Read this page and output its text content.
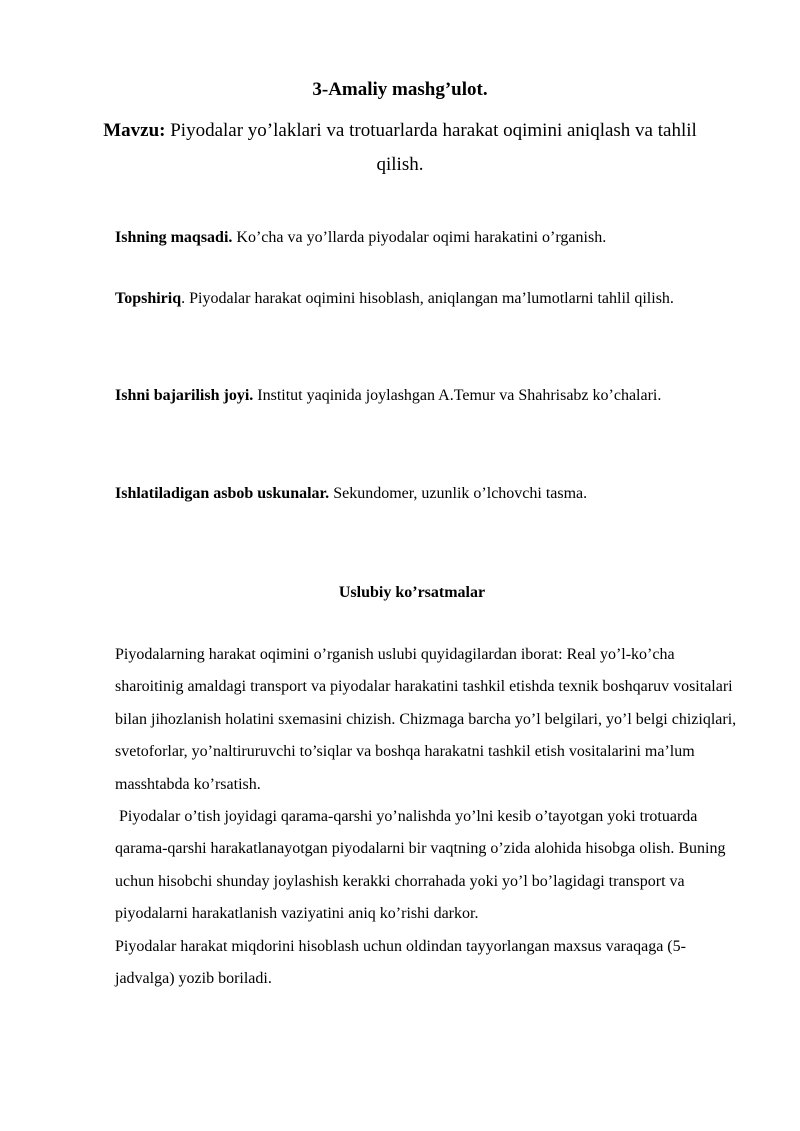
3-Amaliy mashg’ulot.
Mavzu: Piyodalar yo’laklari va trotuarlarda harakat oqimini aniqlash va tahlil qilish.
Ishning maqsadi. Ko’cha va yo’llarda piyodalar oqimi harakatini o’rganish.
Topshiriq. Piyodalar harakat oqimini hisoblash, aniqlangan ma’lumotlarni tahlil qilish.
Ishni bajarilish joyi. Institut yaqinida joylashgan A.Temur va Shahrisabz ko’chalari.
Ishlatiladigan asbob uskunalar. Sekundomer, uzunlik o’lchovchi tasma.
Uslubiy ko’rsatmalar

Piyodalarning harakat oqimini o’rganish uslubi quyidagilardan iborat: Real yo’l-ko’cha sharoitinig amaldagi transport va piyodalar harakatini tashkil etishda texnik boshqaruv vositalari bilan jihozlanish holatini sxemasini chizish. Chizmaga barcha yo’l belgilari, yo’l belgi chiziqlari, svetoforlar, yo’naltiruruvchi to’siqlar va boshqa harakatni tashkil etish vositalarini ma’lum masshtabda ko’rsatish.

Piyodalar o’tish joyidagi qarama-qarshi yo’nalishda yo’lni kesib o’tayotgan yoki trotuarda qarama-qarshi harakatlanayotgan piyodalarni bir vaqtning o’zida alohida hisobga olish. Buning uchun hisobchi shunday joylashish kerakki chorrahada yoki yo’l bo’lagidagi transport va piyodalarni harakatlanish vaziyatini aniq ko’rishi darkor.

Piyodalar harakat miqdorini hisoblash uchun oldindan tayyorlangan maxsus varaqaga (5-jadvalga) yozib boriladi.
